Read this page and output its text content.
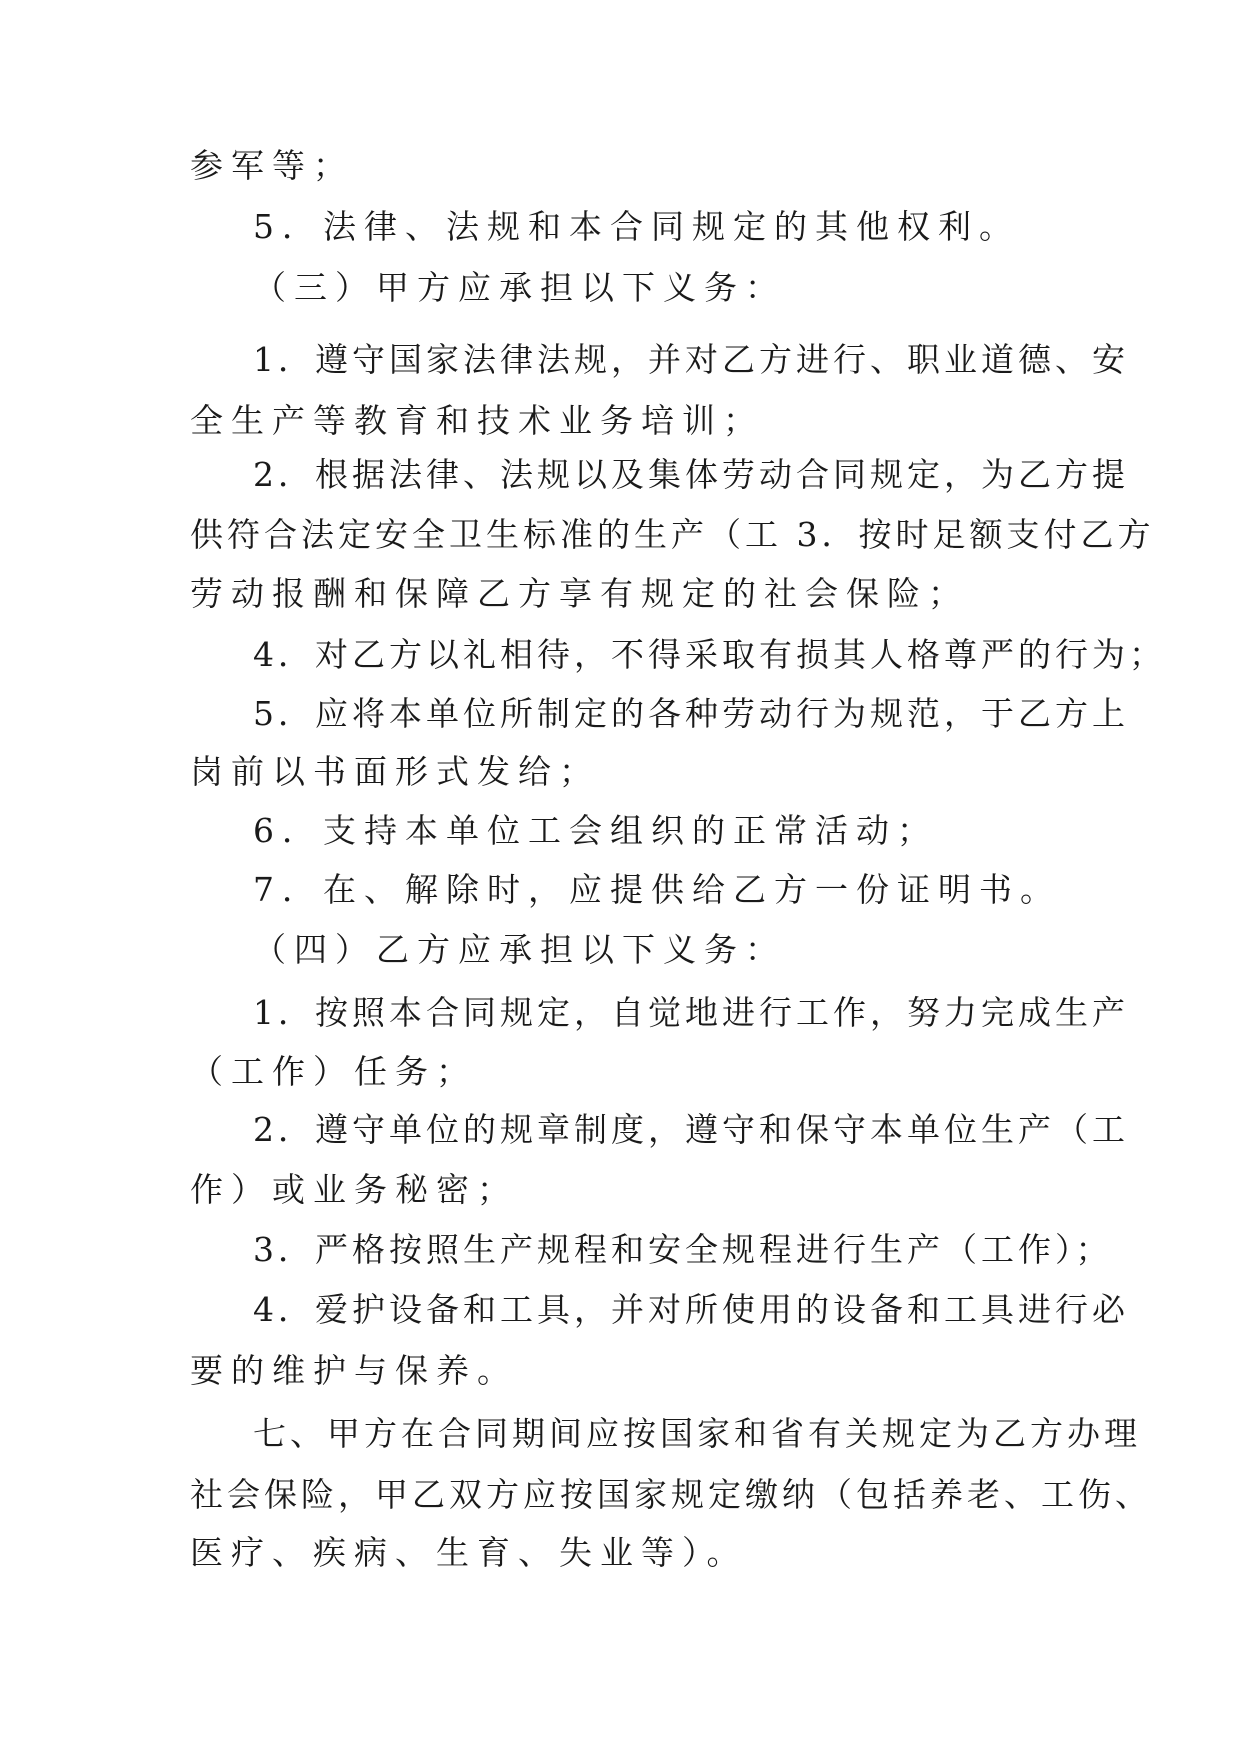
参军等；
5．法律、法规和本合同规定的其他权利。
（三）甲方应承担以下义务：
1．遵守国家法律法规，并对乙方进行、职业道德、安
全生产等教育和技术业务培训；
2．根据法律、法规以及集体劳动合同规定，为乙方提
供符合法定安全卫生标准的生产（工 3．按时足额支付乙方
劳动报酬和保障乙方享有规定的社会保险；
4．对乙方以礼相待，不得采取有损其人格尊严的行为；
5．应将本单位所制定的各种劳动行为规范，于乙方上
岗前以书面形式发给；
6．支持本单位工会组织的正常活动；
7．在、解除时，应提供给乙方一份证明书。
（四）乙方应承担以下义务：
1．按照本合同规定，自觉地进行工作，努力完成生产
（工作）任务；
2．遵守单位的规章制度，遵守和保守本单位生产（工
作）或业务秘密；
3．严格按照生产规程和安全规程进行生产（工作）；
4．爱护设备和工具，并对所使用的设备和工具进行必
要的维护与保养。
七、甲方在合同期间应按国家和省有关规定为乙方办理
社会保险，甲乙双方应按国家规定缴纳（包括养老、工伤、
医疗、疾病、生育、失业等）。
